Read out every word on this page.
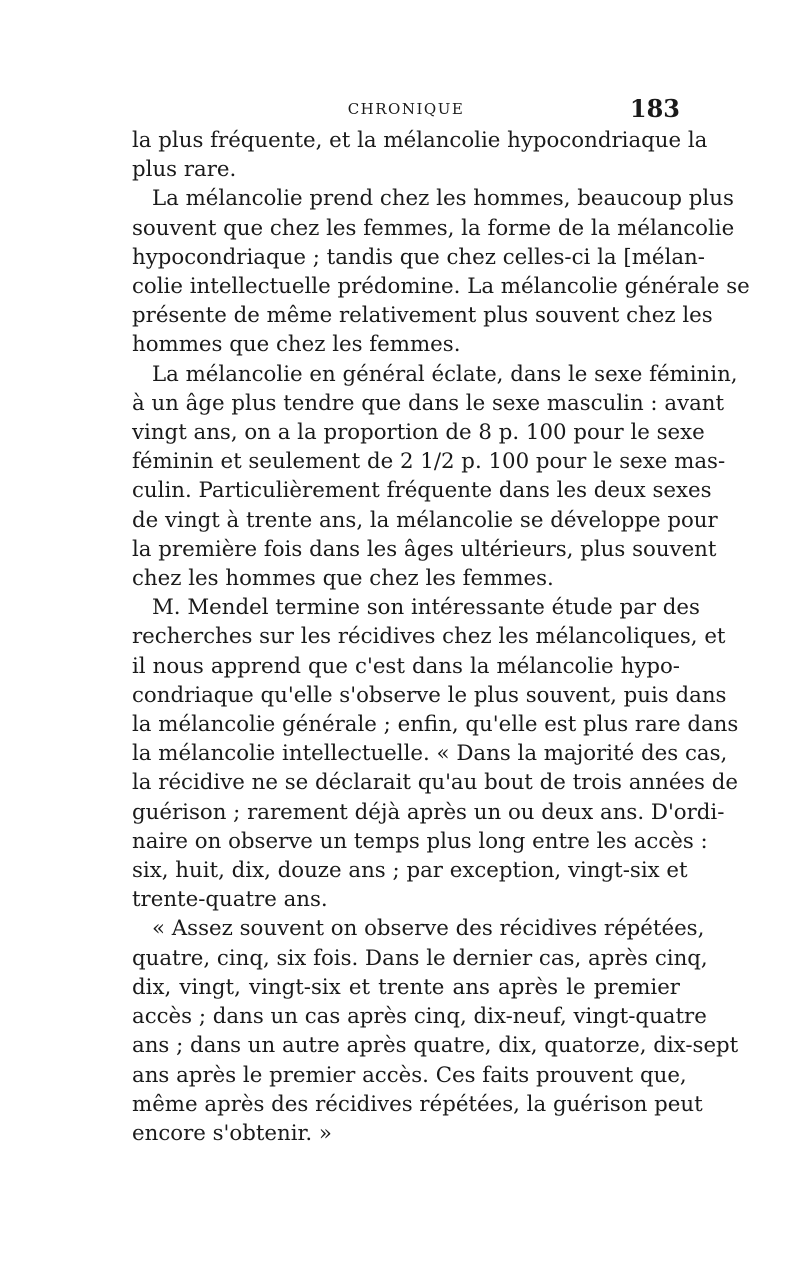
CHRONIQUE	183
la plus fréquente, et la mélancolie hypocondriaque la
plus rare.
La mélancolie prend chez les hommes, beaucoup plus
souvent que chez les femmes, la forme de la mélancolie
hypocondriaque ; tandis que chez celles-ci la [mélan-
colie intellectuelle prédomine. La mélancolie générale se
présente de même relativement plus souvent chez les
hommes que chez les femmes.
La mélancolie en général éclate, dans le sexe féminin,
à un âge plus tendre que dans le sexe masculin : avant
vingt ans, on a la proportion de 8 p. 100 pour le sexe
féminin et seulement de 2 1/2 p. 100 pour le sexe mas-
culin. Particulièrement fréquente dans les deux sexes
de vingt à trente ans, la mélancolie se développe pour
la première fois dans les âges ultérieurs, plus souvent
chez les hommes que chez les femmes.
M. Mendel termine son intéressante étude par des
recherches sur les récidives chez les mélancoliques, et
il nous apprend que c'est dans la mélancolie hypo-
condriaque qu'elle s'observe le plus souvent, puis dans
la mélancolie générale ; enfin, qu'elle est plus rare dans
la mélancolie intellectuelle. « Dans la majorité des cas,
la récidive ne se déclarait qu'au bout de trois années de
guérison ; rarement déjà après un ou deux ans. D'ordi-
naire on observe un temps plus long entre les accès :
six, huit, dix, douze ans ; par exception, vingt-six et
trente-quatre ans.
« Assez souvent on observe des récidives répétées,
quatre, cinq, six fois. Dans le dernier cas, après cinq,
dix, vingt, vingt-six et trente ans après le premier
accès ; dans un cas après cinq, dix-neuf, vingt-quatre
ans ; dans un autre après quatre, dix, quatorze, dix-sept
ans après le premier accès. Ces faits prouvent que,
même après des récidives répétées, la guérison peut
encore s'obtenir. »
